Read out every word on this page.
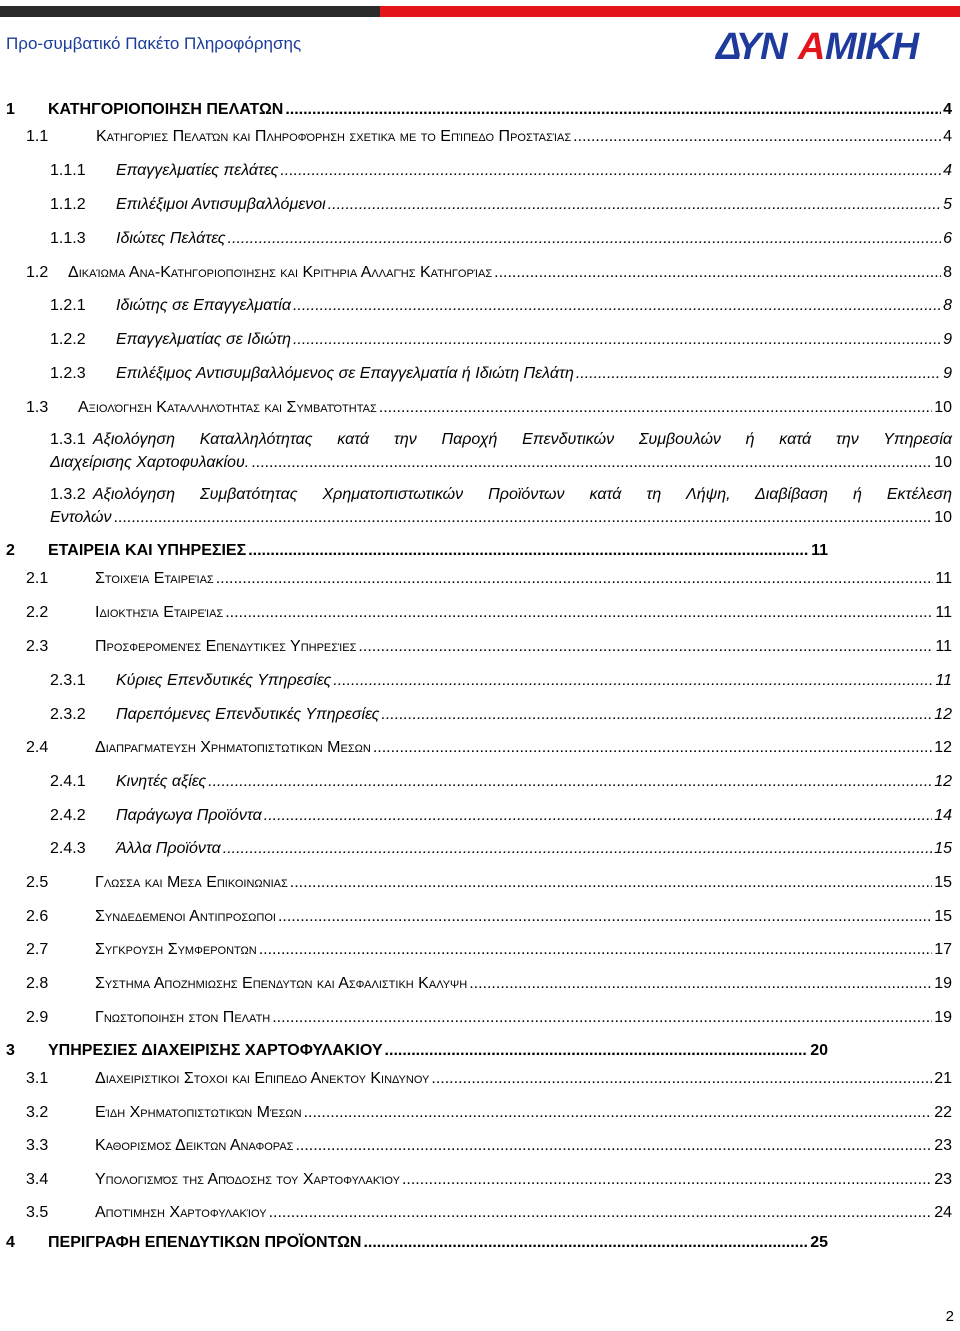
Προ-συμβατικό Πακέτο Πληροφόρησης	ΔΥΝ Α ΜΙΚΗ
1	ΚΑΤΗΓΟΡΙΟΠΟΙΗΣΗ ΠΕΛΑΤΩΝ .....	4
1.1	Κατηγορίες Πελατών και Πληροφόρηση σχετικά με το Επίπεδο Προστασίας .....	4
1.1.1	Επαγγελματίες πελάτες .....	4
1.1.2	Επιλέξιμοι Αντισυμβαλλόμενοι .....	5
1.1.3	Ιδιώτες Πελάτες .....	6
1.2	Δικαίωμα Ανα-Κατηγοριοποίησης και Κριτήρια Αλλαγής Κατηγορίας .....	8
1.2.1	Ιδιώτης σε Επαγγελματία .....	8
1.2.2	Επαγγελματίας σε Ιδιώτη .....	9
1.2.3	Επιλέξιμος Αντισυμβαλλόμενος σε Επαγγελματία ή Ιδιώτη Πελάτη .....	9
1.3	Αξιολόγηση Καταλληλότητας και Συμβατότητας .....	10
1.3.1 Αξιολόγηση Καταλληλότητας κατά την Παροχή Επενδυτικών Συμβουλών ή κατά την Υπηρεσία
Διαχείρισης Χαρτοφυλακίου. .....	10
1.3.2 Αξιολόγηση Συμβατότητας Χρηματοπιστωτικών Προϊόντων κατά τη Λήψη, Διαβίβαση ή Εκτέλεση
Εντολών .....	10
2	ΕΤΑΙΡΕΙΑ ΚΑΙ ΥΠΗΡΕΣΙΕΣ .....	11
2.1	Στοιχεία Εταιρείας .....	11
2.2	Ιδιοκτησία Εταιρείας .....	11
2.3	Προσφερομενές Επενδυτικές Υπηρεσίες .....	11
2.3.1	Κύριες Επενδυτικές Υπηρεσίες .....	11
2.3.2	Παρεπόμενες Επενδυτικές Υπηρεσίες .....	12
2.4	Διαπραγματευση Χρηματοπιστωτικων Μεσων .....	12
2.4.1	Κινητές αξίες .....	12
2.4.2	Παράγωγα Προϊόντα .....	14
2.4.3	Άλλα Προϊόντα .....	15
2.5	Γλωσσα και Μεσα Επικοινωνιας .....	15
2.6	Συνδεδεμενοι Αντιπροσωποι .....	15
2.7	Συγκρουση Συμφεροντων .....	17
2.8	Συστημα Αποζημιωσης Επενδυτων και Ασφαλιστικη Καλυψη .....	19
2.9	Γνωστοποιηση στον Πελατη .....	19
3	ΥΠΗΡΕΣΙΕΣ ΔΙΑΧΕΙΡΙΣΗΣ ΧΑΡΤΟΦΥΛΑΚΙΟΥ .....	20
3.1	Διαχειριστικοι Στοχοι και Επιπεδο Ανεκτου Κινδυνου .....	21
3.2	Είδη Χρηματοπιστωτικών Μέσων .....	22
3.3	Καθορισμος Δεικτων Αναφορας .....	23
3.4	Υπολογισμός της Απόδοσης του Χαρτοφυλακίου .....	23
3.5	Αποτίμηση Χαρτοφυλακίου .....	24
4	ΠΕΡΙΓΡΑΦΗ ΕΠΕΝΔΥΤΙΚΩΝ ΠΡΟΪΟΝΤΩΝ .....	25
2
